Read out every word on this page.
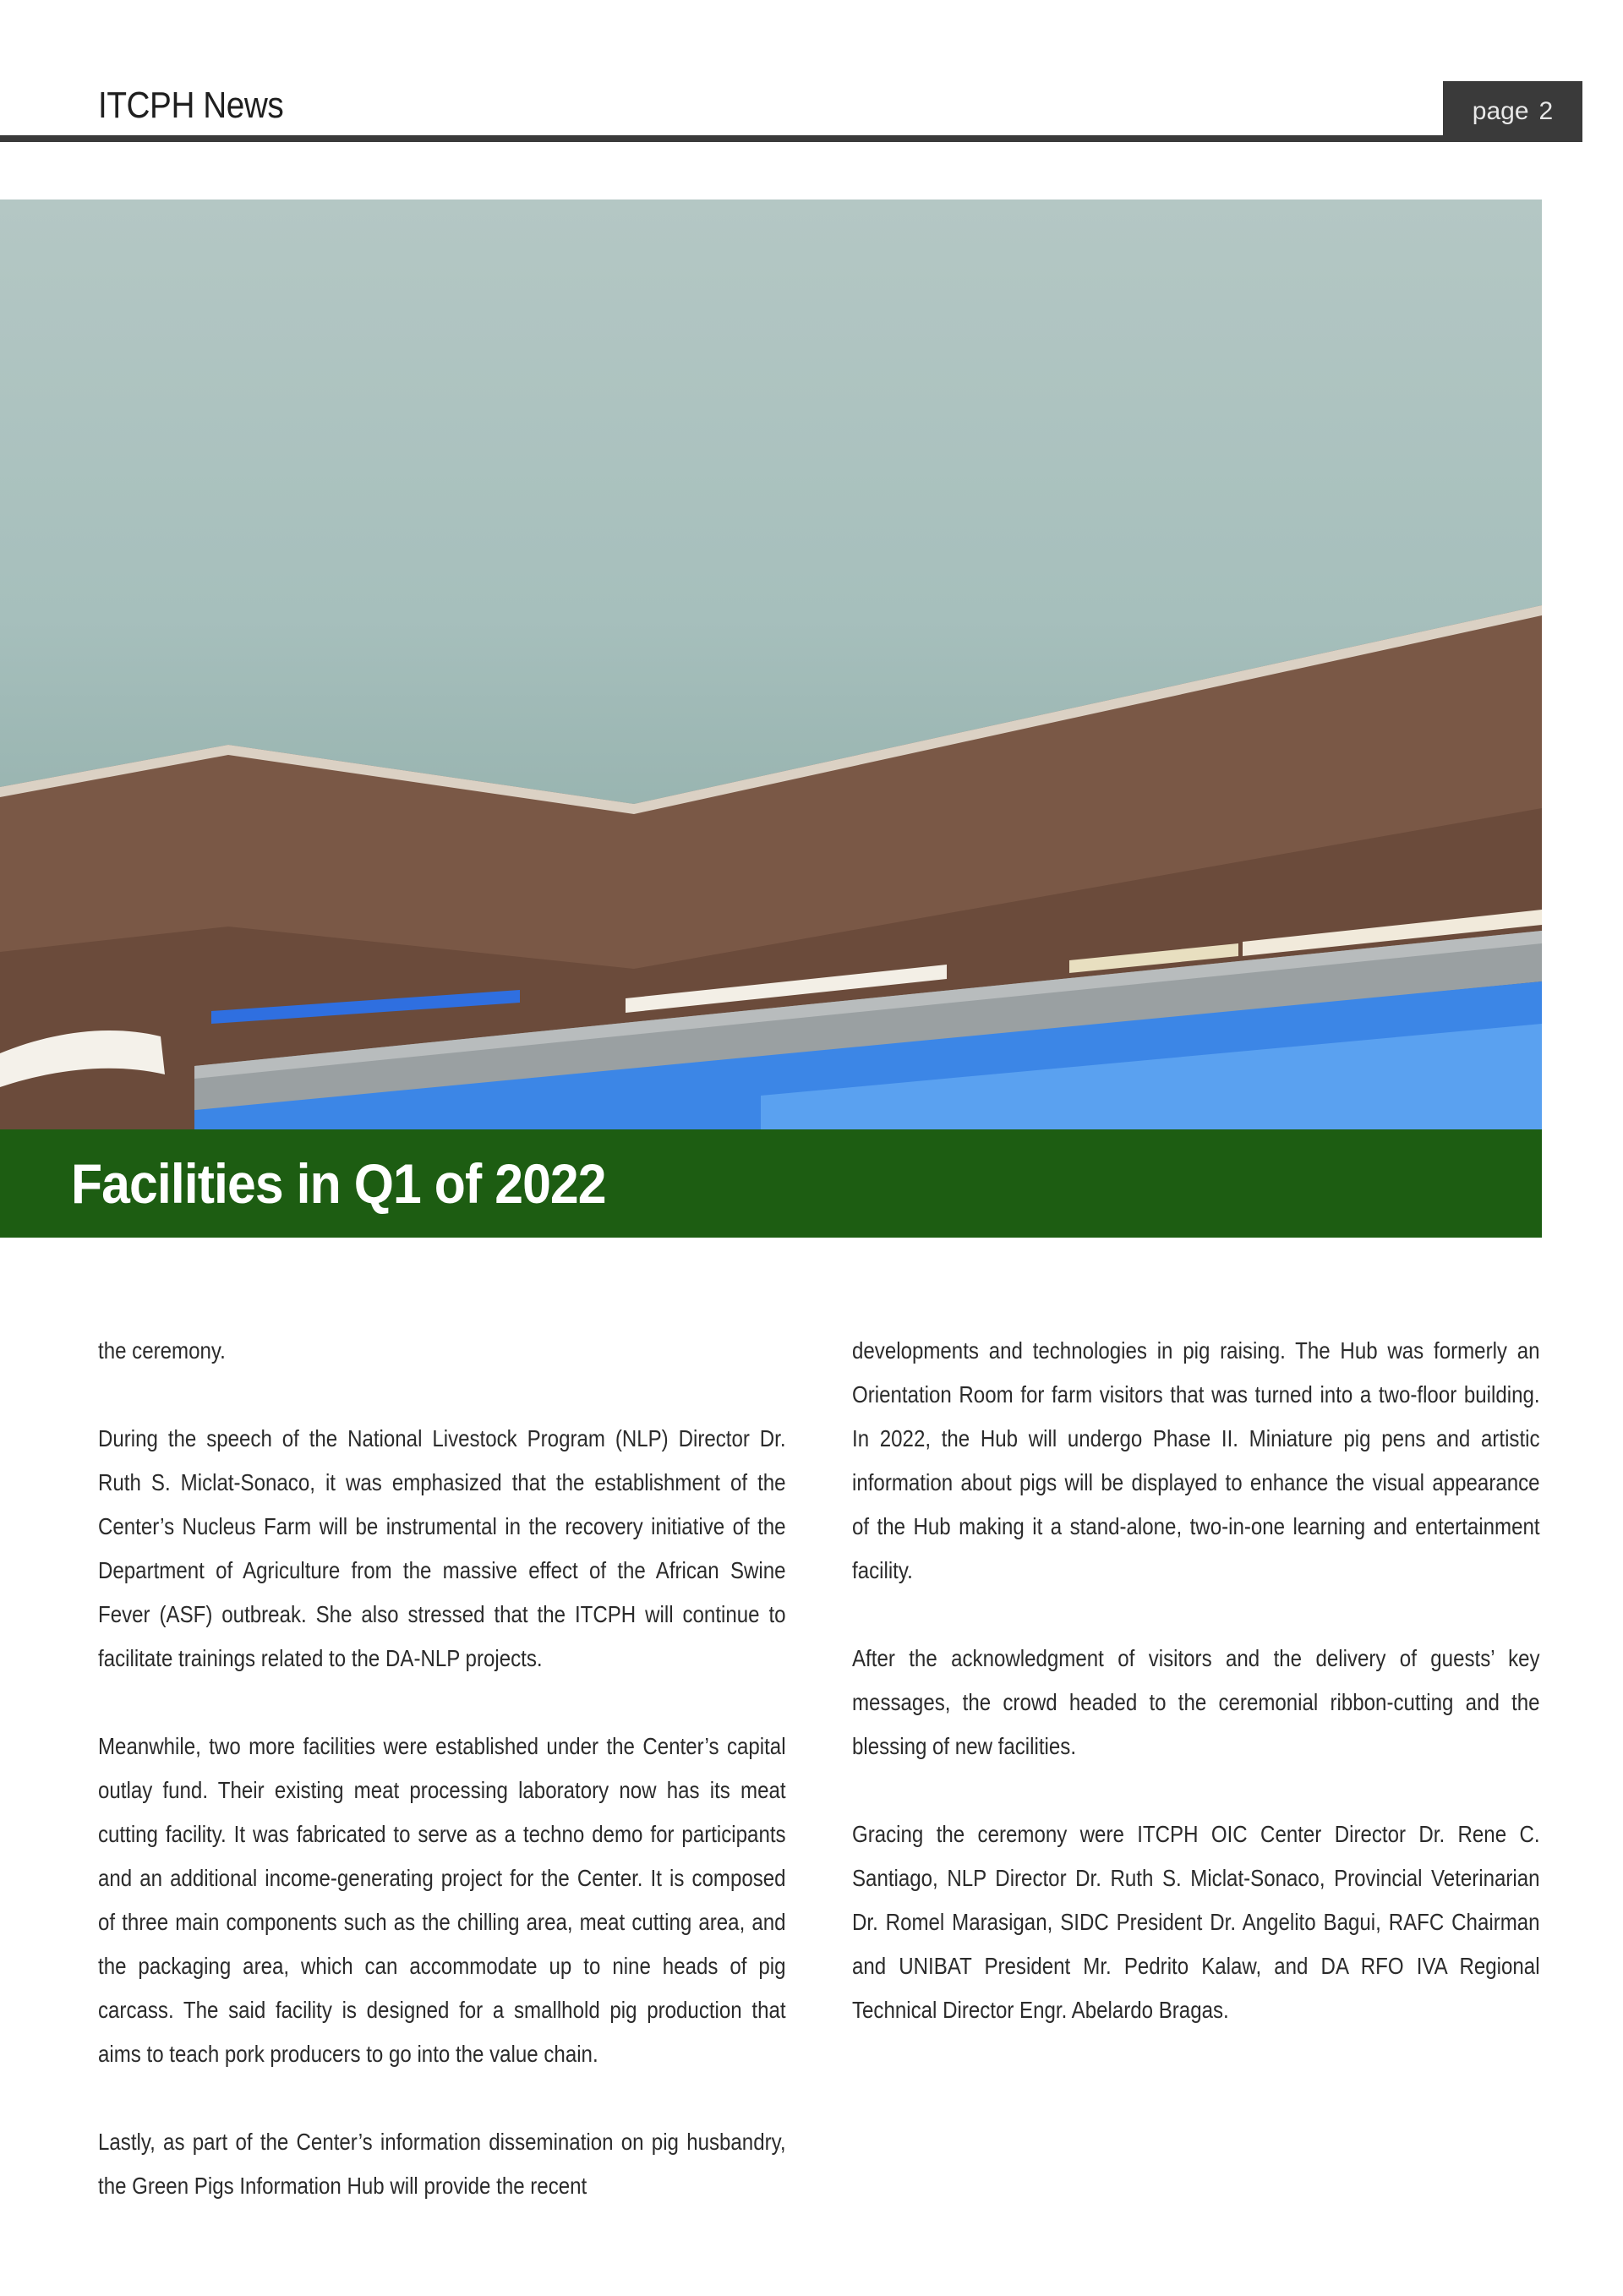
ITCPH News	page 2
Facilities in Q1 of 2022

the ceremony.

During the speech of the National Livestock Program (NLP) Director Dr. Ruth S. Miclat-Sonaco, it was emphasized that the establishment of the Center’s Nucleus Farm will be instrumental in the recovery initiative of the Department of Agriculture from the massive effect of the African Swine Fever (ASF) outbreak. She also stressed that the ITCPH will continue to facilitate trainings related to the DA-NLP projects.

Meanwhile, two more facilities were established under the Center’s capital outlay fund. Their existing meat processing laboratory now has its meat cutting facility. It was fabricated to serve as a techno demo for participants and an additional income-generating project for the Center. It is composed of three main components such as the chilling area, meat cutting area, and the packaging area, which can accommodate up to nine heads of pig carcass. The said facility is designed for a smallhold pig production that aims to teach pork producers to go into the value chain.

Lastly, as part of the Center’s information dissemination on pig husbandry, the Green Pigs Information Hub will provide the recent

developments and technologies in pig raising. The Hub was formerly an Orientation Room for farm visitors that was turned into a two-floor building. In 2022, the Hub will undergo Phase II. Miniature pig pens and artistic information about pigs will be displayed to enhance the visual appearance of the Hub making it a stand-alone, two-in-one learning and entertainment facility.

After the acknowledgment of visitors and the delivery of guests’ key messages, the crowd headed to the ceremonial ribbon-cutting and the blessing of new facilities.

Gracing the ceremony were ITCPH OIC Center Director Dr. Rene C. Santiago, NLP Director Dr. Ruth S. Miclat-Sonaco, Provincial Veterinarian Dr. Romel Marasigan, SIDC President Dr. Angelito Bagui, RAFC Chairman and UNIBAT President Mr. Pedrito Kalaw, and DA RFO IVA Regional Technical Director Engr. Abelardo Bragas.
